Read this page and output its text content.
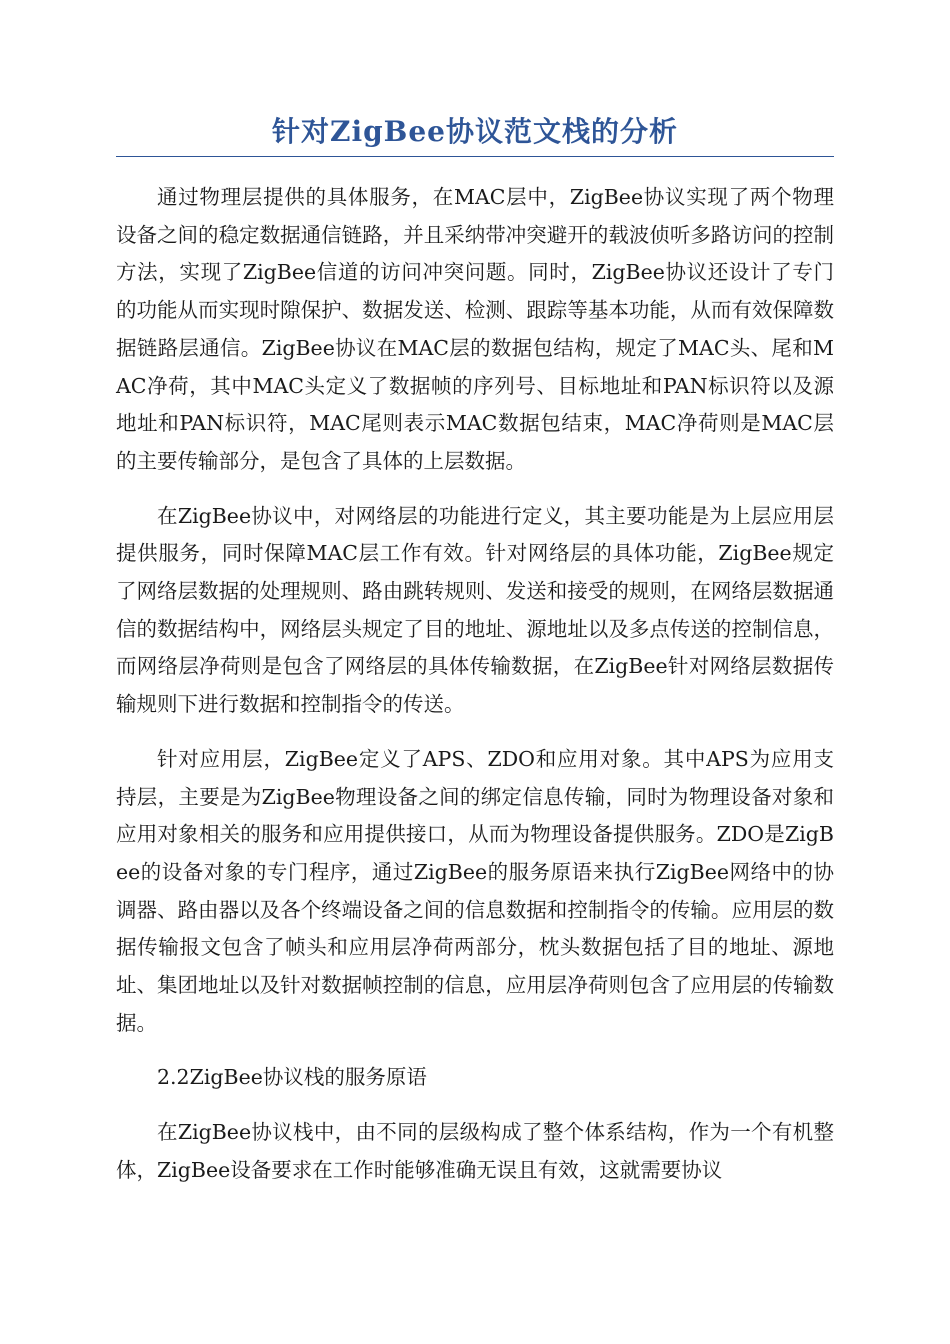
针对ZigBee协议范文栈的分析

通过物理层提供的具体服务，在MAC层中，ZigBee协议实现了两个物理设备之间的稳定数据通信链路，并且采纳带冲突避开的载波侦听多路访问的控制方法，实现了ZigBee信道的访问冲突问题。同时，ZigBee协议还设计了专门的功能从而实现时隙保护、数据发送、检测、跟踪等基本功能，从而有效保障数据链路层通信。ZigBee协议在MAC层的数据包结构，规定了MAC头、尾和MAC净荷，其中MAC头定义了数据帧的序列号、目标地址和PAN标识符以及源地址和PAN标识符，MAC尾则表示MAC数据包结束，MAC净荷则是MAC层的主要传输部分，是包含了具体的上层数据。

在ZigBee协议中，对网络层的功能进行定义，其主要功能是为上层应用层提供服务，同时保障MAC层工作有效。针对网络层的具体功能，ZigBee规定了网络层数据的处理规则、路由跳转规则、发送和接受的规则，在网络层数据通信的数据结构中，网络层头规定了目的地址、源地址以及多点传送的控制信息，而网络层净荷则是包含了网络层的具体传输数据，在ZigBee针对网络层数据传输规则下进行数据和控制指令的传送。

针对应用层，ZigBee定义了APS、ZDO和应用对象。其中APS为应用支持层，主要是为ZigBee物理设备之间的绑定信息传输，同时为物理设备对象和应用对象相关的服务和应用提供接口，从而为物理设备提供服务。ZDO是ZigBee的设备对象的专门程序，通过ZigBee的服务原语来执行ZigBee网络中的协调器、路由器以及各个终端设备之间的信息数据和控制指令的传输。应用层的数据传输报文包含了帧头和应用层净荷两部分，枕头数据包括了目的地址、源地址、集团地址以及针对数据帧控制的信息，应用层净荷则包含了应用层的传输数据。

2.2ZigBee协议栈的服务原语

在ZigBee协议栈中，由不同的层级构成了整个体系结构，作为一个有机整体，ZigBee设备要求在工作时能够准确无误且有效，这就需要协议
